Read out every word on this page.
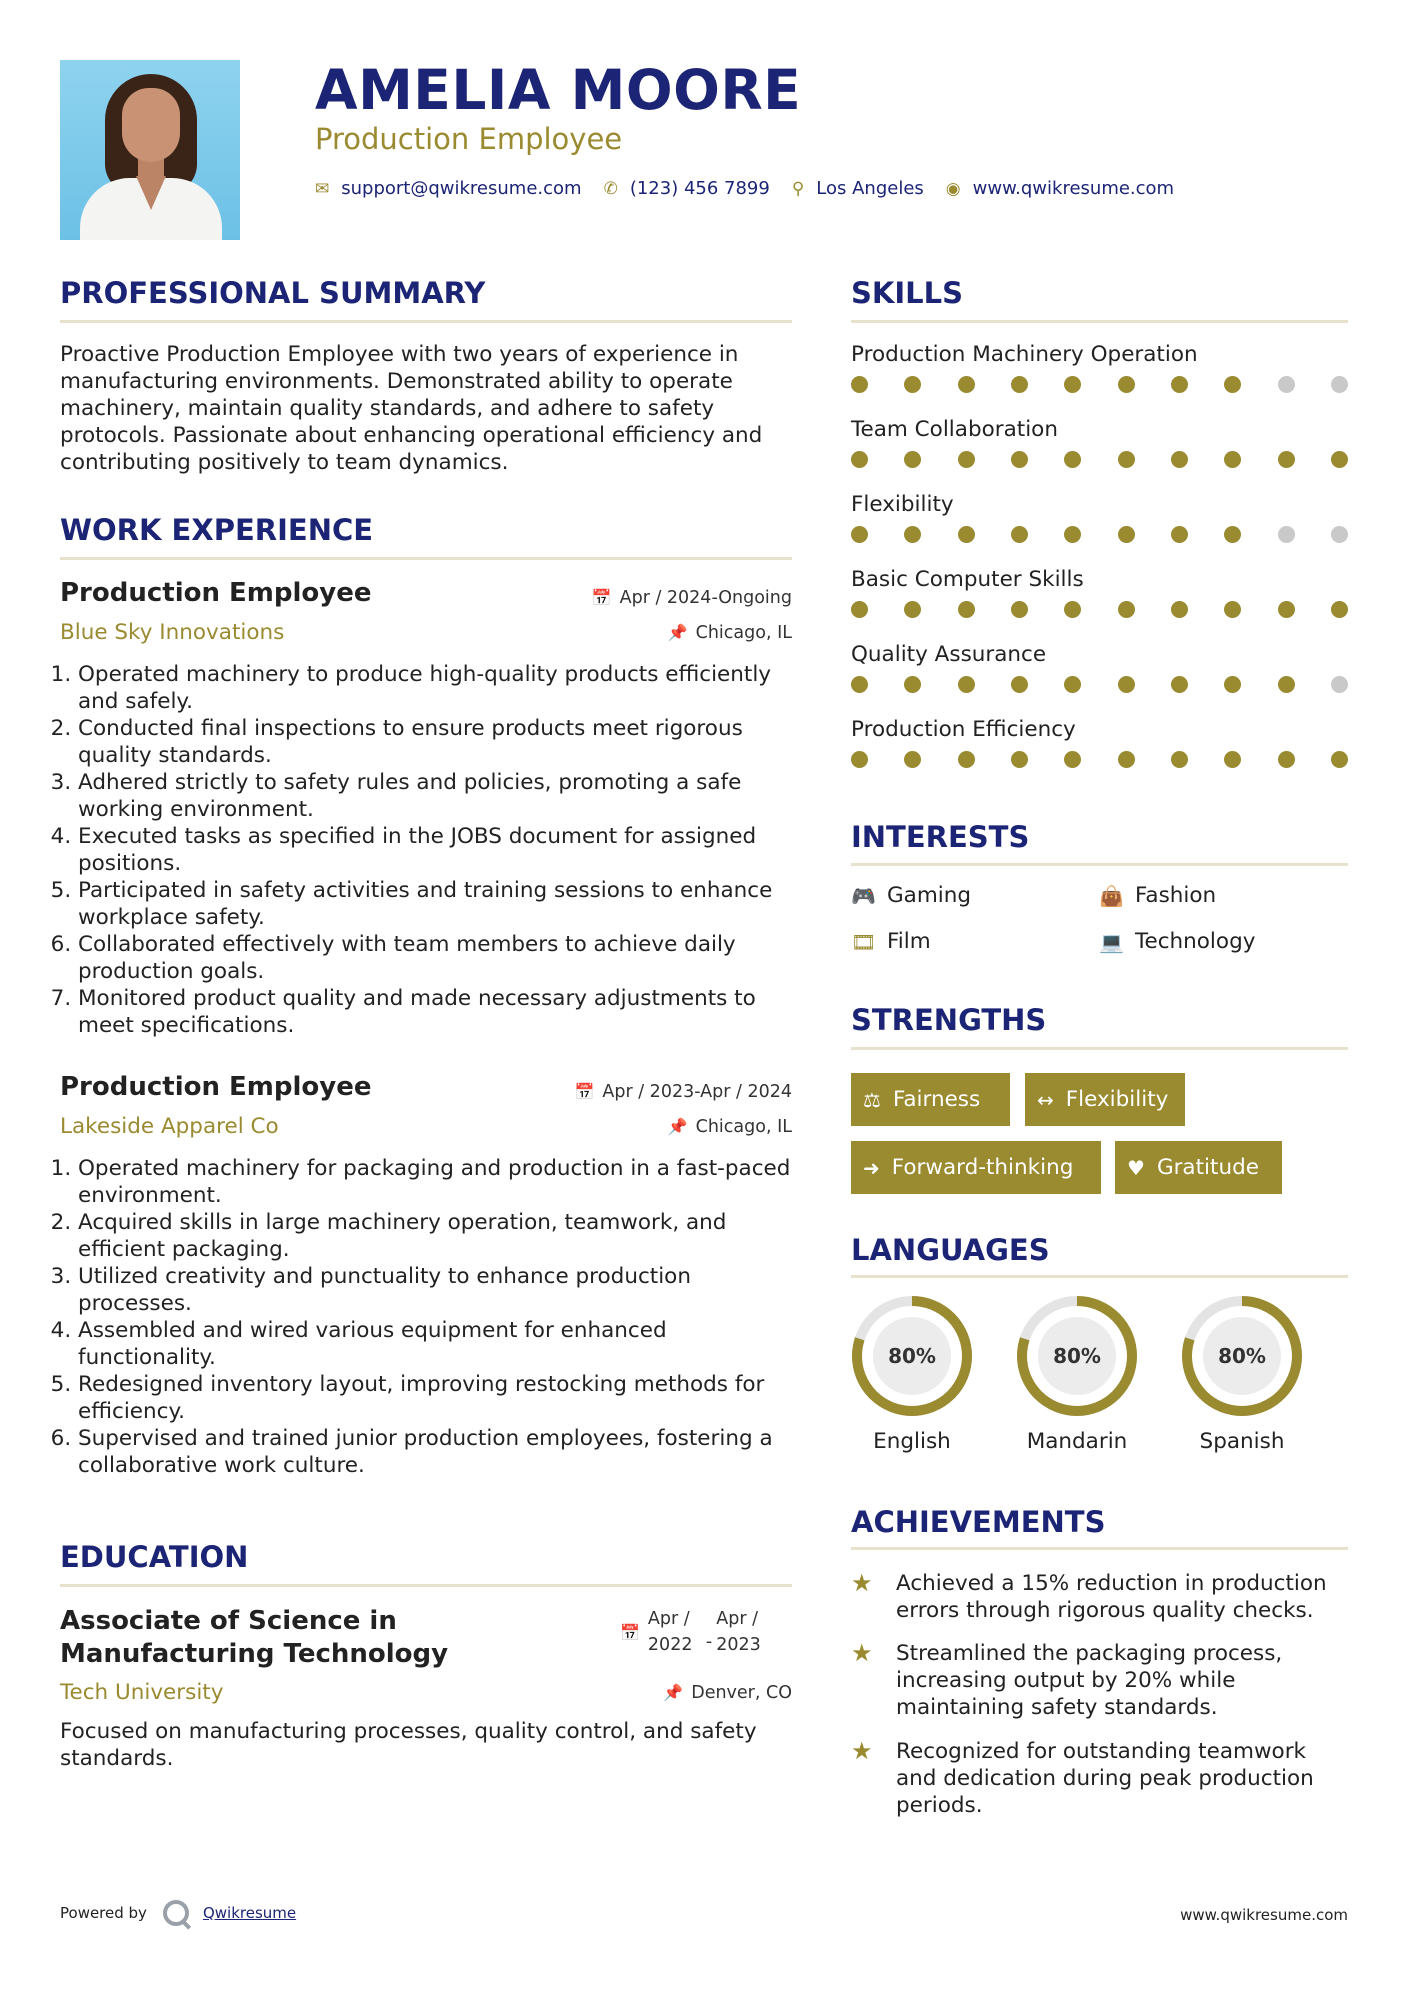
AMELIA MOORE
Production Employee
✉ support@qwikresume.com ✆ (123) 456 7899 ⚲ Los Angeles ◉ www.qwikresume.com
PROFESSIONAL SUMMARY

Proactive Production Employee with two years of experience in manufacturing environments. Demonstrated ability to operate machinery, maintain quality standards, and adhere to safety protocols. Passionate about enhancing operational efficiency and contributing positively to team dynamics.

WORK EXPERIENCE
Production Employee	📅 Apr / 2024-Ongoing
Blue Sky Innovations	📌 Chicago, IL
1. Operated machinery to produce high-quality products efficiently and safely.
2. Conducted final inspections to ensure products meet rigorous quality standards.
3. Adhered strictly to safety rules and policies, promoting a safe working environment.
4. Executed tasks as specified in the JOBS document for assigned positions.
5. Participated in safety activities and training sessions to enhance workplace safety.
6. Collaborated effectively with team members to achieve daily production goals.
7. Monitored product quality and made necessary adjustments to meet specifications.
Production Employee	📅 Apr / 2023-Apr / 2024
Lakeside Apparel Co	📌 Chicago, IL
1. Operated machinery for packaging and production in a fast-paced environment.
2. Acquired skills in large machinery operation, teamwork, and efficient packaging.
3. Utilized creativity and punctuality to enhance production processes.
4. Assembled and wired various equipment for enhanced functionality.
5. Redesigned inventory layout, improving restocking methods for efficiency.
6. Supervised and trained junior production employees, fostering a collaborative work culture.
EDUCATION
Associate of Science in Manufacturing Technology
📅
Apr / 2022 -
Apr / 2023
Tech University	📌 Denver, CO

Focused on manufacturing processes, quality control, and safety standards.

SKILLS
Production Machinery Operation
Team Collaboration
Flexibility
Basic Computer Skills
Quality Assurance
Production Efficiency
INTERESTS
🎮 Gaming	👜 Fashion
🎞 Film	💻 Technology
STRENGTHS
⚖ Fairness	↔ Flexibility
➜ Forward-thinking	♥ Gratitude
LANGUAGES
80%
English
80%
Mandarin
80%
Spanish
ACHIEVEMENTS
★	Achieved a 15% reduction in production errors through rigorous quality checks.
★	Streamlined the packaging process, increasing output by 20% while maintaining safety standards.
★	Recognized for outstanding teamwork and dedication during peak production periods.
Powered by	Qwikresume	www.qwikresume.com
